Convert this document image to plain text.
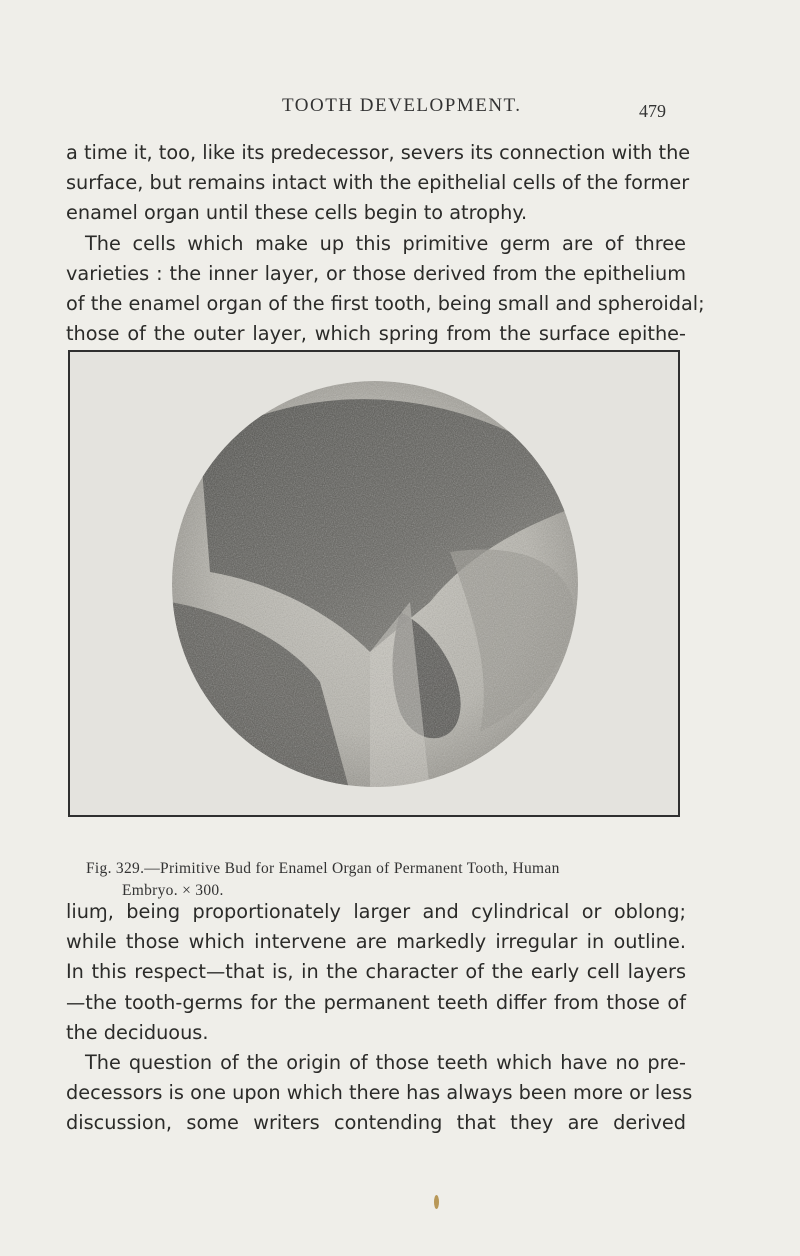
TOOTH DEVELOPMENT.	479
a time it, too, like its predecessor, severs its connection with the
surface, but remains intact with the epithelial cells of the former
enamel organ until these cells begin to atrophy.
The cells which make up this primitive germ are of three
varieties : the inner layer, or those derived from the epithelium
of the enamel organ of the first tooth, being small and spheroidal;
those of the outer layer, which spring from the surface epithe-
Fig. 329.—Primitive Bud for Enamel Organ of Permanent Tooth, Human
Embryo. × 300.
liuɱ, being proportionately larger and cylindrical or oblong;
while those which intervene are markedly irregular in outline.
In this respect—that is, in the character of the early cell layers
—the tooth-germs for the permanent teeth differ from those of
the deciduous.
The question of the origin of those teeth which have no pre-
decessors is one upon which there has always been more or less
discussion, some writers contending that they are derived
